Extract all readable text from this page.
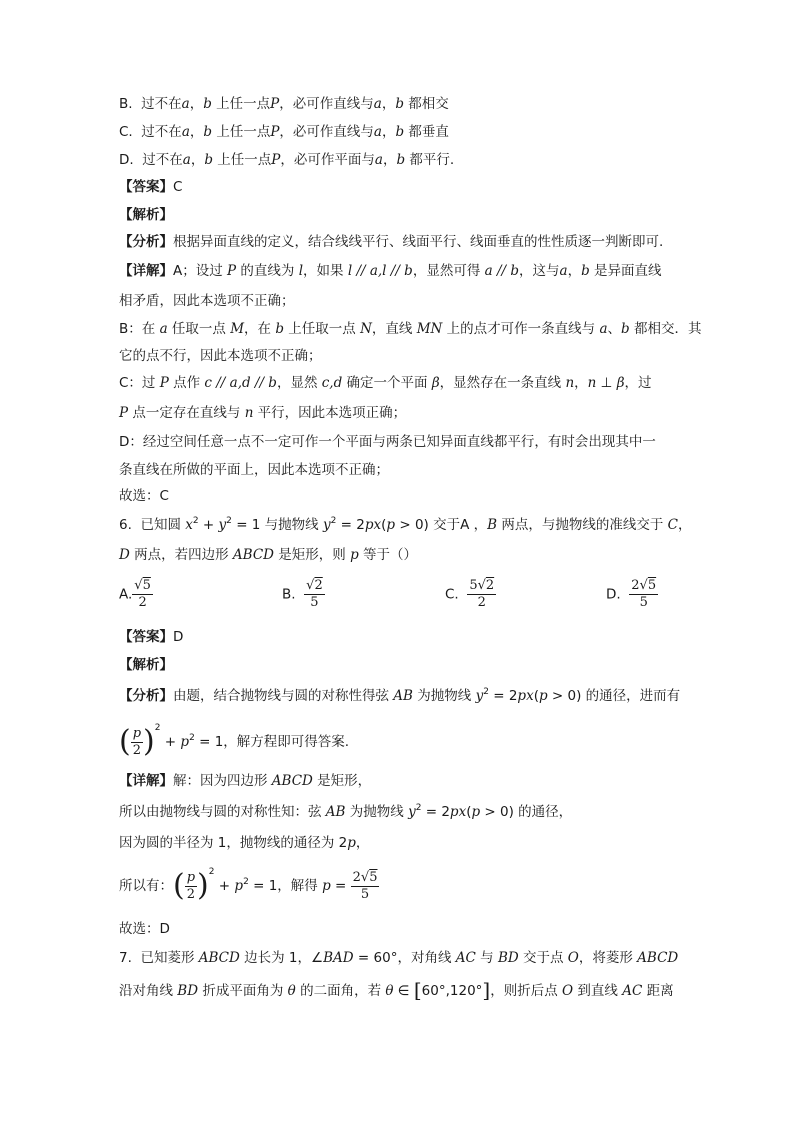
B.  过不在a，b 上任一点P，必可作直线与a，b 都相交
C.  过不在a，b 上任一点P，必可作直线与a，b 都垂直
D.  过不在a，b 上任一点P，必可作平面与a，b 都平行.
【答案】C
【解析】
【分析】根据异面直线的定义，结合线线平行、线面平行、线面垂直的性性质逐一判断即可.
【详解】A；设过 P 的直线为 l，如果 l // a,l // b，显然可得 a // b，这与a，b 是异面直线
相矛盾，因此本选项不正确；
B：在 a 任取一点 M，在 b 上任取一点 N，直线 MN 上的点才可作一条直线与 a、b 都相交．其
它的点不行，因此本选项不正确；
C：过 P 点作 c // a,d // b，显然 c,d 确定一个平面 β，显然存在一条直线 n，n ⊥ β，过
P 点一定存在直线与 n 平行，因此本选项正确；
D：经过空间任意一点不一定可作一个平面与两条已知异面直线都平行，有时会出现其中一
条直线在所做的平面上，因此本选项不正确；
故选：C
6.  已知圆 $x^2 + y^2 = 1$ 与抛物线 $y^2 = 2px(p > 0)$ 交于A ，B 两点，与抛物线的准线交于 C，
D 两点，若四边形 ABCD 是矩形，则 p 等于（）
A. $\frac{√5}{2}$	B. $\frac{√2}{5}$	C. $\frac{5√2}{2}$	D. $\frac{2√5}{5}$
【答案】D
【解析】
【分析】由题，结合抛物线与圆的对称性得弦 AB 为抛物线 $y^2 = 2px(p > 0)$ 的通径，进而有
( $\frac{p}{2} )^2 + p^2 = 1$，解方程即可得答案.
【详解】解：因为四边形 ABCD 是矩形，
所以由抛物线与圆的对称性知：弦 AB 为抛物线 $y^2 = 2px(p > 0)$ 的通径，
因为圆的半径为 1，抛物线的通径为 2p，
所以有：( $\frac{p}{2} )^2 + p^2 = 1$，解得 $p = \frac{2√5}{5}$
故选：D
7.  已知菱形 ABCD 边长为 1，∠BAD = 60°，对角线 AC 与 BD 交于点 O，将菱形 ABCD
沿对角线 BD 折成平面角为 θ 的二面角，若 θ ∈ [60°,120°]，则折后点 O 到直线 AC 距离
